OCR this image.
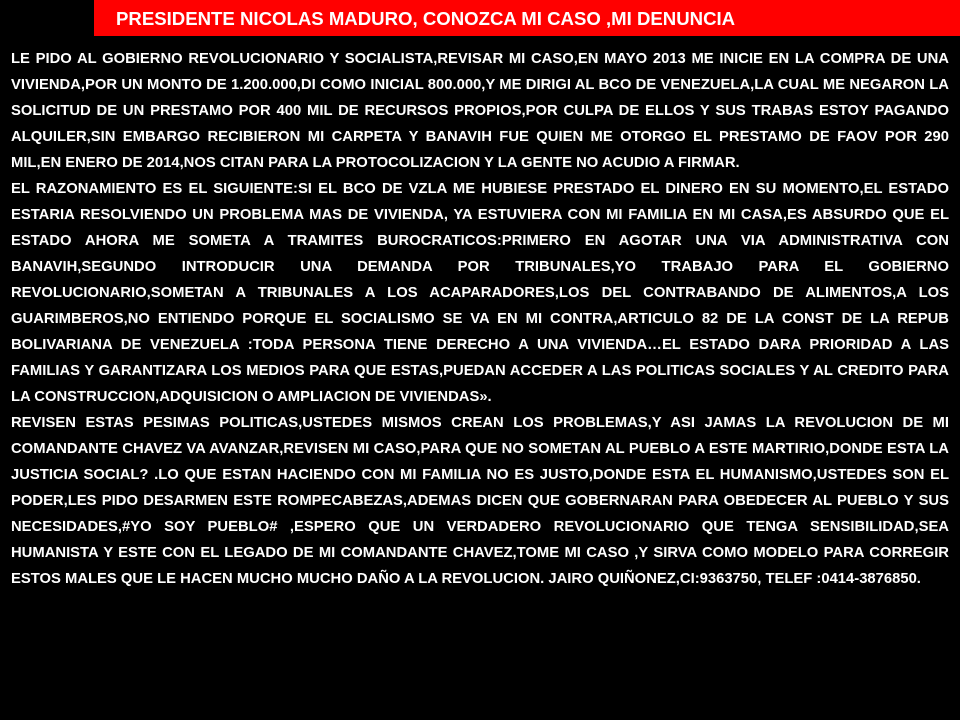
PRESIDENTE NICOLAS MADURO, CONOZCA MI CASO ,MI DENUNCIA

LE PIDO AL GOBIERNO REVOLUCIONARIO Y SOCIALISTA,REVISAR MI CASO,EN MAYO 2013 ME INICIE EN LA COMPRA DE UNA VIVIENDA,POR UN MONTO DE 1.200.000,DI COMO INICIAL 800.000,Y ME DIRIGI AL BCO DE VENEZUELA,LA CUAL ME NEGARON LA SOLICITUD DE UN PRESTAMO POR 400 MIL DE RECURSOS PROPIOS,POR CULPA DE ELLOS Y SUS TRABAS ESTOY PAGANDO ALQUILER,SIN EMBARGO RECIBIERON MI CARPETA Y BANAVIH FUE QUIEN ME OTORGO EL PRESTAMO DE FAOV POR 290 MIL,EN ENERO DE 2014,NOS CITAN PARA LA PROTOCOLIZACION Y LA GENTE NO ACUDIO A FIRMAR.

EL RAZONAMIENTO ES EL SIGUIENTE:SI EL BCO DE VZLA ME HUBIESE PRESTADO EL DINERO EN SU MOMENTO,EL ESTADO ESTARIA RESOLVIENDO UN PROBLEMA MAS DE VIVIENDA, YA ESTUVIERA CON MI FAMILIA EN MI CASA,ES ABSURDO QUE EL ESTADO AHORA ME SOMETA A TRAMITES BUROCRATICOS:PRIMERO EN AGOTAR UNA VIA ADMINISTRATIVA CON BANAVIH,SEGUNDO INTRODUCIR UNA DEMANDA POR TRIBUNALES,YO TRABAJO PARA EL GOBIERNO REVOLUCIONARIO,SOMETAN A TRIBUNALES A LOS ACAPARADORES,LOS DEL CONTRABANDO DE ALIMENTOS,A LOS GUARIMBEROS,NO ENTIENDO PORQUE EL SOCIALISMO SE VA EN MI CONTRA,ARTICULO 82 DE LA CONST DE LA REPUB BOLIVARIANA DE VENEZUELA :TODA PERSONA TIENE DERECHO A UNA VIVIENDA…EL ESTADO DARA PRIORIDAD A LAS FAMILIAS Y GARANTIZARA LOS MEDIOS PARA QUE ESTAS,PUEDAN ACCEDER A LAS POLITICAS SOCIALES Y AL CREDITO PARA LA CONSTRUCCION,ADQUISICION O AMPLIACION DE VIVIENDAS».

REVISEN ESTAS PESIMAS POLITICAS,USTEDES MISMOS CREAN LOS PROBLEMAS,Y ASI JAMAS LA REVOLUCION DE MI COMANDANTE CHAVEZ VA AVANZAR,REVISEN MI CASO,PARA QUE NO SOMETAN AL PUEBLO A ESTE MARTIRIO,DONDE ESTA LA JUSTICIA SOCIAL? .LO QUE ESTAN HACIENDO CON MI FAMILIA NO ES JUSTO,DONDE ESTA EL HUMANISMO,USTEDES SON EL PODER,LES PIDO DESARMEN ESTE ROMPECABEZAS,ADEMAS DICEN QUE GOBERNARAN PARA OBEDECER AL PUEBLO Y SUS NECESIDADES,#YO SOY PUEBLO# ,ESPERO QUE UN VERDADERO REVOLUCIONARIO QUE TENGA SENSIBILIDAD,SEA HUMANISTA Y ESTE CON EL LEGADO DE MI COMANDANTE CHAVEZ,TOME MI CASO ,Y SIRVA COMO MODELO PARA CORREGIR ESTOS MALES QUE LE HACEN MUCHO MUCHO DAÑO A LA REVOLUCION. JAIRO QUIÑONEZ,CI:9363750, TELEF :0414-3876850.
